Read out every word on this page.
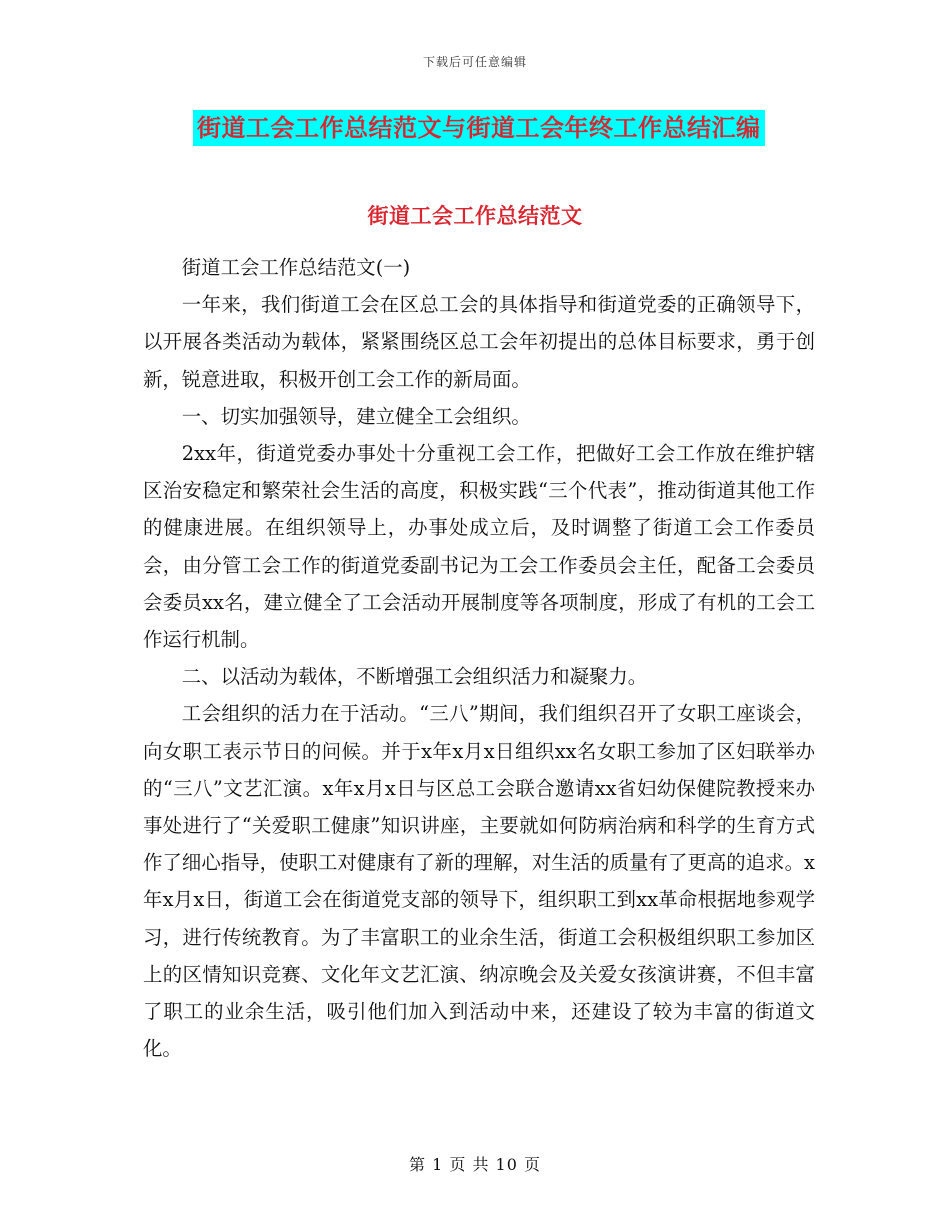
下载后可任意编辑
街道工会工作总结范文与街道工会年终工作总结汇编
街道工会工作总结范文

街道工会工作总结范文(一)

一年来，我们街道工会在区总工会的具体指导和街道党委的正确领导下，以开展各类活动为载体，紧紧围绕区总工会年初提出的总体目标要求，勇于创新，锐意进取，积极开创工会工作的新局面。

一、切实加强领导，建立健全工会组织。

2xx年，街道党委办事处十分重视工会工作，把做好工会工作放在维护辖区治安稳定和繁荣社会生活的高度，积极实践“三个代表”，推动街道其他工作的健康进展。在组织领导上，办事处成立后，及时调整了街道工会工作委员会，由分管工会工作的街道党委副书记为工会工作委员会主任，配备工会委员会委员xx名，建立健全了工会活动开展制度等各项制度，形成了有机的工会工作运行机制。

二、以活动为载体，不断增强工会组织活力和凝聚力。

工会组织的活力在于活动。“三八”期间，我们组织召开了女职工座谈会，向女职工表示节日的问候。并于x年x月x日组织xx名女职工参加了区妇联举办的“三八”文艺汇演。x年x月x日与区总工会联合邀请xx省妇幼保健院教授来办事处进行了“关爱职工健康”知识讲座，主要就如何防病治病和科学的生育方式作了细心指导，使职工对健康有了新的理解，对生活的质量有了更高的追求。x年x月x日，街道工会在街道党支部的领导下，组织职工到xx革命根据地参观学习，进行传统教育。为了丰富职工的业余生活，街道工会积极组织职工参加区上的区情知识竞赛、文化年文艺汇演、纳凉晚会及关爱女孩演讲赛，不但丰富了职工的业余生活，吸引他们加入到活动中来，还建设了较为丰富的街道文化。

第 1 页 共 10 页
